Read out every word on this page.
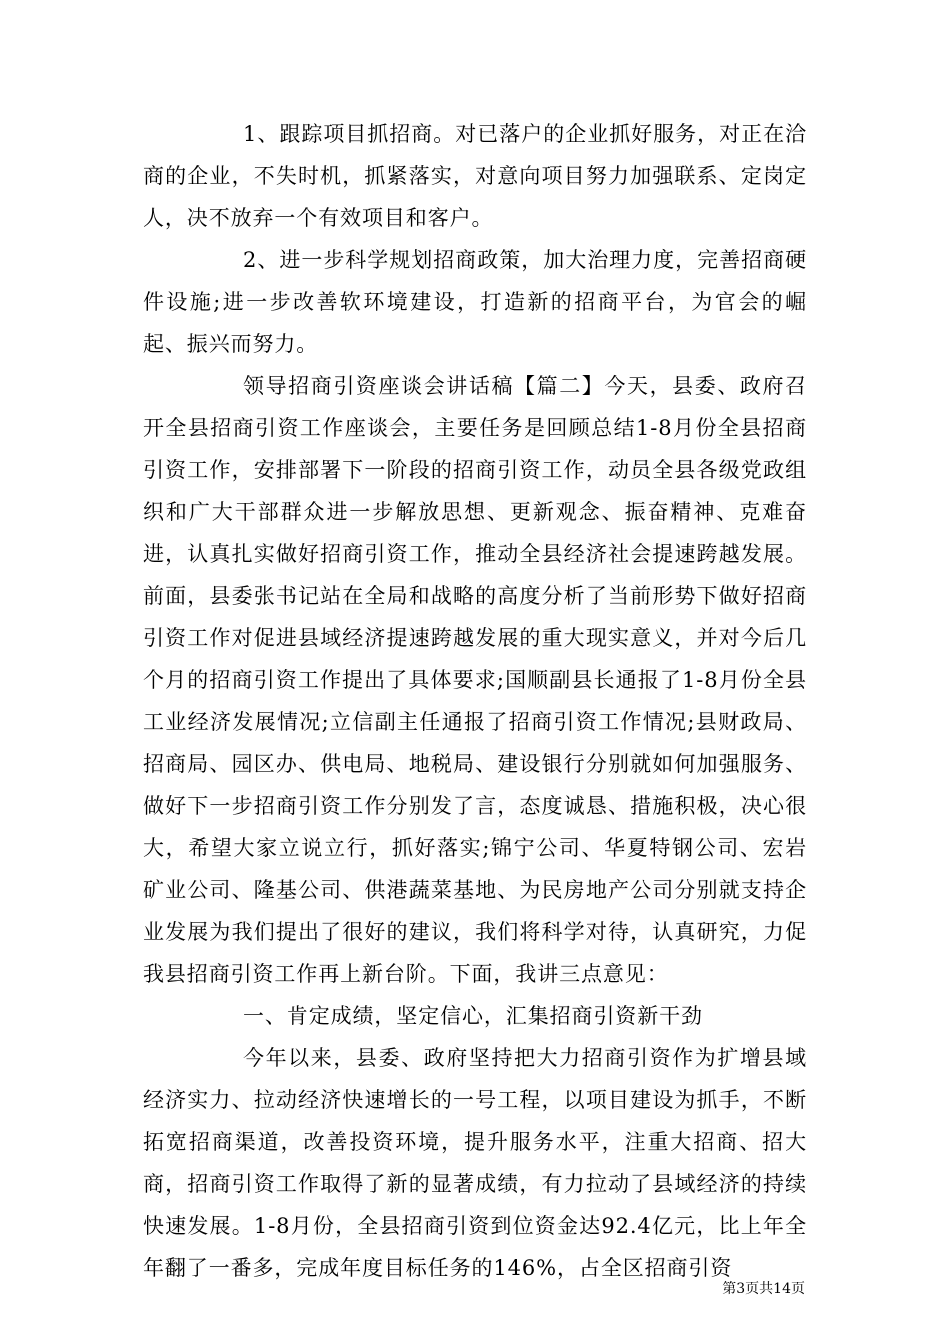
1、跟踪项目抓招商。对已落户的企业抓好服务，对正在洽商的企业，不失时机，抓紧落实，对意向项目努力加强联系、定岗定人，决不放弃一个有效项目和客户。

2、进一步科学规划招商政策，加大治理力度，完善招商硬件设施;进一步改善软环境建设，打造新的招商平台，为官会的崛起、振兴而努力。

领导招商引资座谈会讲话稿【篇二】今天，县委、政府召开全县招商引资工作座谈会，主要任务是回顾总结1-8月份全县招商引资工作，安排部署下一阶段的招商引资工作，动员全县各级党政组织和广大干部群众进一步解放思想、更新观念、振奋精神、克难奋进，认真扎实做好招商引资工作，推动全县经济社会提速跨越发展。前面，县委张书记站在全局和战略的高度分析了当前形势下做好招商引资工作对促进县域经济提速跨越发展的重大现实意义，并对今后几个月的招商引资工作提出了具体要求;国顺副县长通报了1-8月份全县工业经济发展情况;立信副主任通报了招商引资工作情况;县财政局、招商局、园区办、供电局、地税局、建设银行分别就如何加强服务、做好下一步招商引资工作分别发了言，态度诚恳、措施积极，决心很大，希望大家立说立行，抓好落实;锦宁公司、华夏特钢公司、宏岩矿业公司、隆基公司、供港蔬菜基地、为民房地产公司分别就支持企业发展为我们提出了很好的建议，我们将科学对待，认真研究，力促我县招商引资工作再上新台阶。下面，我讲三点意见：

一、肯定成绩，坚定信心，汇集招商引资新干劲

今年以来，县委、政府坚持把大力招商引资作为扩增县域经济实力、拉动经济快速增长的一号工程，以项目建设为抓手，不断拓宽招商渠道，改善投资环境，提升服务水平，注重大招商、招大商，招商引资工作取得了新的显著成绩，有力拉动了县域经济的持续快速发展。1-8月份，全县招商引资到位资金达92.4亿元，比上年全年翻了一番多，完成年度目标任务的146%，占全区招商引资

第3页共14页
